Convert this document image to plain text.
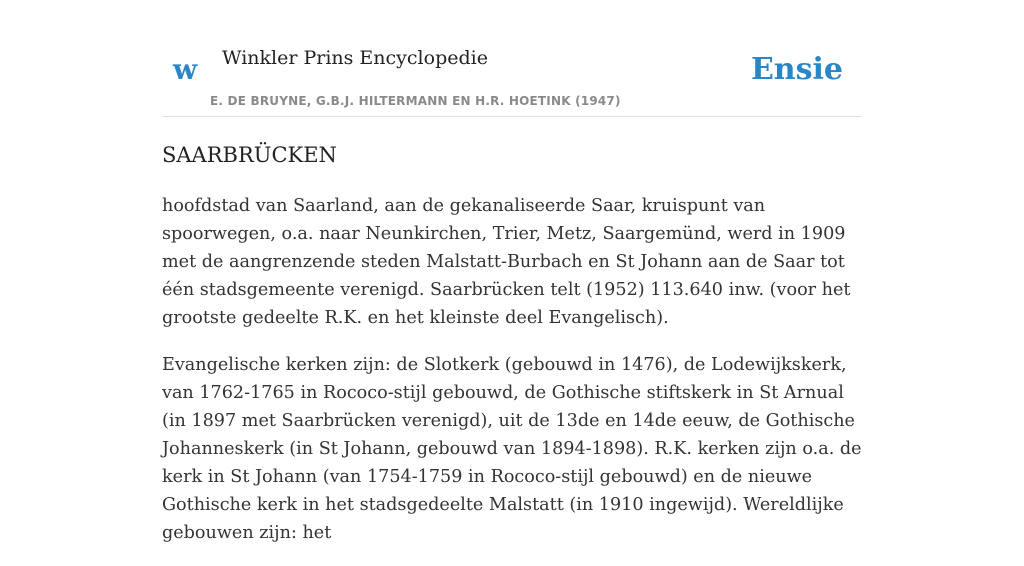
w Winkler Prins Encyclopedie
E. DE BRUYNE, G.B.J. HILTERMANN EN H.R. HOETINK (1947)
Ensie
SAARBRÜCKEN

hoofdstad van Saarland, aan de gekanaliseerde Saar, kruispunt van spoorwegen, o.a. naar Neunkirchen, Trier, Metz, Saargemünd, werd in 1909 met de aangrenzende steden Malstatt-Burbach en St Johann aan de Saar tot één stadsgemeente verenigd. Saarbrücken telt (1952) 113.640 inw. (voor het grootste gedeelte R.K. en het kleinste deel Evangelisch).

Evangelische kerken zijn: de Slotkerk (gebouwd in 1476), de Lodewijkskerk, van 1762-1765 in Rococo-stijl gebouwd, de Gothische stiftskerk in St Arnual (in 1897 met Saarbrücken verenigd), uit de 13de en 14de eeuw, de Gothische Johanneskerk (in St Johann, gebouwd van 1894-1898). R.K. kerken zijn o.a. de kerk in St Johann (van 1754-1759 in Rococo-stijl gebouwd) en de nieuwe Gothische kerk in het stadsgedeelte Malstatt (in 1910 ingewijd). Wereldlijke gebouwen zijn: het
